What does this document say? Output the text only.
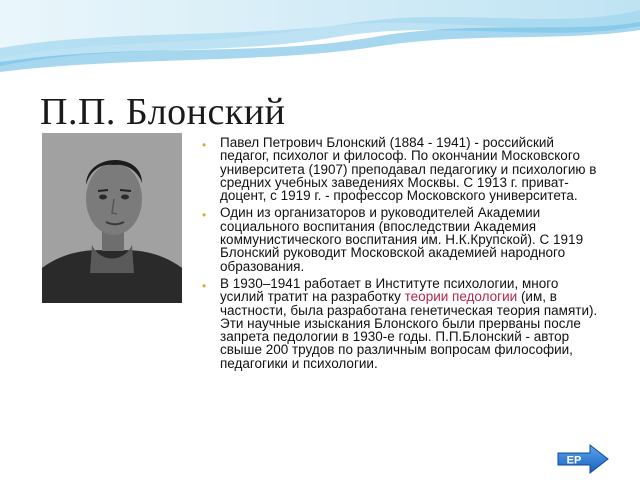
П.П. Блонский
• Павел Петрович Блонский (1884 - 1941) - российский педагог, психолог и философ. По окончании Московского университета (1907) преподавал педагогику и психологию в средних учебных заведениях Москвы. С 1913 г. приват-доцент, с 1919 г. - профессор Московского университета.
• Один из организаторов и руководителей Академии социального воспитания (впоследствии Академия коммунистического воспитания им. Н.К.Крупской). С 1919 Блонский руководит Московской академией народного образования.
• В 1930–1941 работает в Институте психологии, много усилий тратит на разработку теории педологии (им, в частности, была разработана генетическая теория памяти). Эти научные изыскания Блонского были прерваны после запрета педологии в 1930-е годы. П.П.Блонский - автор свыше 200 трудов по различным вопросам философии, педагогики и психологии.
ЕР
